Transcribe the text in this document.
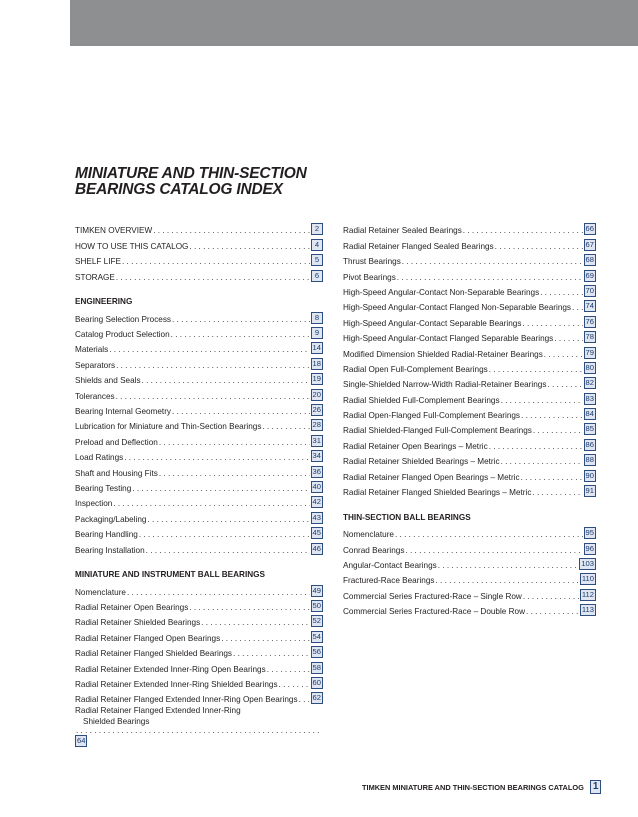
MINIATURE AND THIN-SECTION
BEARINGS CATALOG INDEX
TIMKEN OVERVIEW . . .	2
HOW TO USE THIS CATALOG . . .	4
SHELF LIFE . . .	5
STORAGE . . .	6
ENGINEERING
Bearing Selection Process . . .	8
Catalog Product Selection . . .	9
Materials . . .	14
Separators . . .	18
Shields and Seals . . .	19
Tolerances . . .	20
Bearing Internal Geometry . . .	26
Lubrication for Miniature and Thin-Section Bearings . . .	28
Preload and Deflection . . .	31
Load Ratings . . .	34
Shaft and Housing Fits . . .	36
Bearing Testing . . .	40
Inspection . . .	42
Packaging/Labeling . . .	43
Bearing Handling . . .	45
Bearing Installation . . .	46
MINIATURE AND INSTRUMENT BALL BEARINGS
Nomenclature . . .	49
Radial Retainer Open Bearings . . .	50
Radial Retainer Shielded Bearings . . .	52
Radial Retainer Flanged Open Bearings . . .	54
Radial Retainer Flanged Shielded Bearings . . .	56
Radial Retainer Extended Inner-Ring Open Bearings . . .	58
Radial Retainer Extended Inner-Ring Shielded Bearings . . .	60
Radial Retainer Flanged Extended Inner-Ring Open Bearings . . . 62
Radial Retainer Flanged Extended Inner-Ring
Shielded Bearings
. . .
64
Radial Retainer Sealed Bearings . . .	66
Radial Retainer Flanged Sealed Bearings . . .	67
Thrust Bearings . . .	68
Pivot Bearings . . .	69
High-Speed Angular-Contact Non-Separable Bearings . . .	70
High-Speed Angular-Contact Flanged Non-Separable Bearings . . . 74
High-Speed Angular-Contact Separable Bearings . . .	76
High-Speed Angular-Contact Flanged Separable Bearings . . .	78
Modified Dimension Shielded Radial-Retainer Bearings . . .	79
Radial Open Full-Complement Bearings . . .	80
Single-Shielded Narrow-Width Radial-Retainer Bearings . . .	82
Radial Shielded Full-Complement Bearings . . .	83
Radial Open-Flanged Full-Complement Bearings . . .	84
Radial Shielded-Flanged Full-Complement Bearings . . .	85
Radial Retainer Open Bearings – Metric . . .	86
Radial Retainer Shielded Bearings – Metric . . .	88
Radial Retainer Flanged Open Bearings – Metric . . .	90
Radial Retainer Flanged Shielded Bearings – Metric . . .	91
THIN-SECTION BALL BEARINGS
Nomenclature . . .	95
Conrad Bearings . . .	96
Angular-Contact Bearings . . .	103
Fractured-Race Bearings . . .	110
Commercial Series Fractured-Race – Single Row . . .	112
Commercial Series Fractured-Race – Double Row . . .	113
TIMKEN MINIATURE AND THIN-SECTION BEARINGS CATALOG 1
